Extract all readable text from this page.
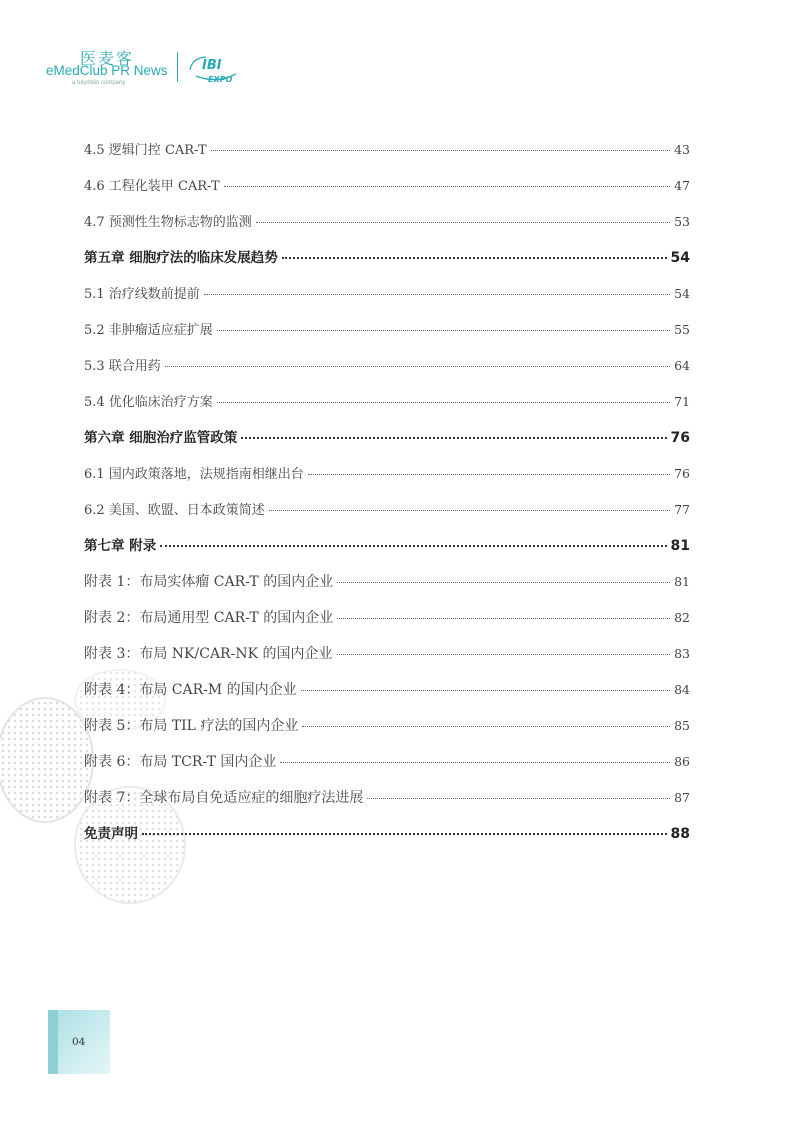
医麦客
eMedClub PR News
a tulymbio company
IBI
EXPO
4.5 逻辑门控 CAR-T	43
4.6 工程化装甲 CAR-T	47
4.7 预测性生物标志物的监测	53
第五章 细胞疗法的临床发展趋势	54
5.1 治疗线数前提前	54
5.2 非肿瘤适应症扩展	55
5.3 联合用药	64
5.4 优化临床治疗方案	71
第六章 细胞治疗监管政策	76
6.1 国内政策落地，法规指南相继出台	76
6.2 美国、欧盟、日本政策简述	77
第七章 附录	81
附表 1：布局实体瘤 CAR-T 的国内企业	81
附表 2：布局通用型 CAR-T 的国内企业	82
附表 3：布局 NK/CAR-NK 的国内企业	83
附表 4：布局 CAR-M 的国内企业	84
附表 5：布局 TIL 疗法的国内企业	85
附表 6：布局 TCR-T 国内企业	86
附表 7：全球布局自免适应症的细胞疗法进展	87
免责声明	88
04
